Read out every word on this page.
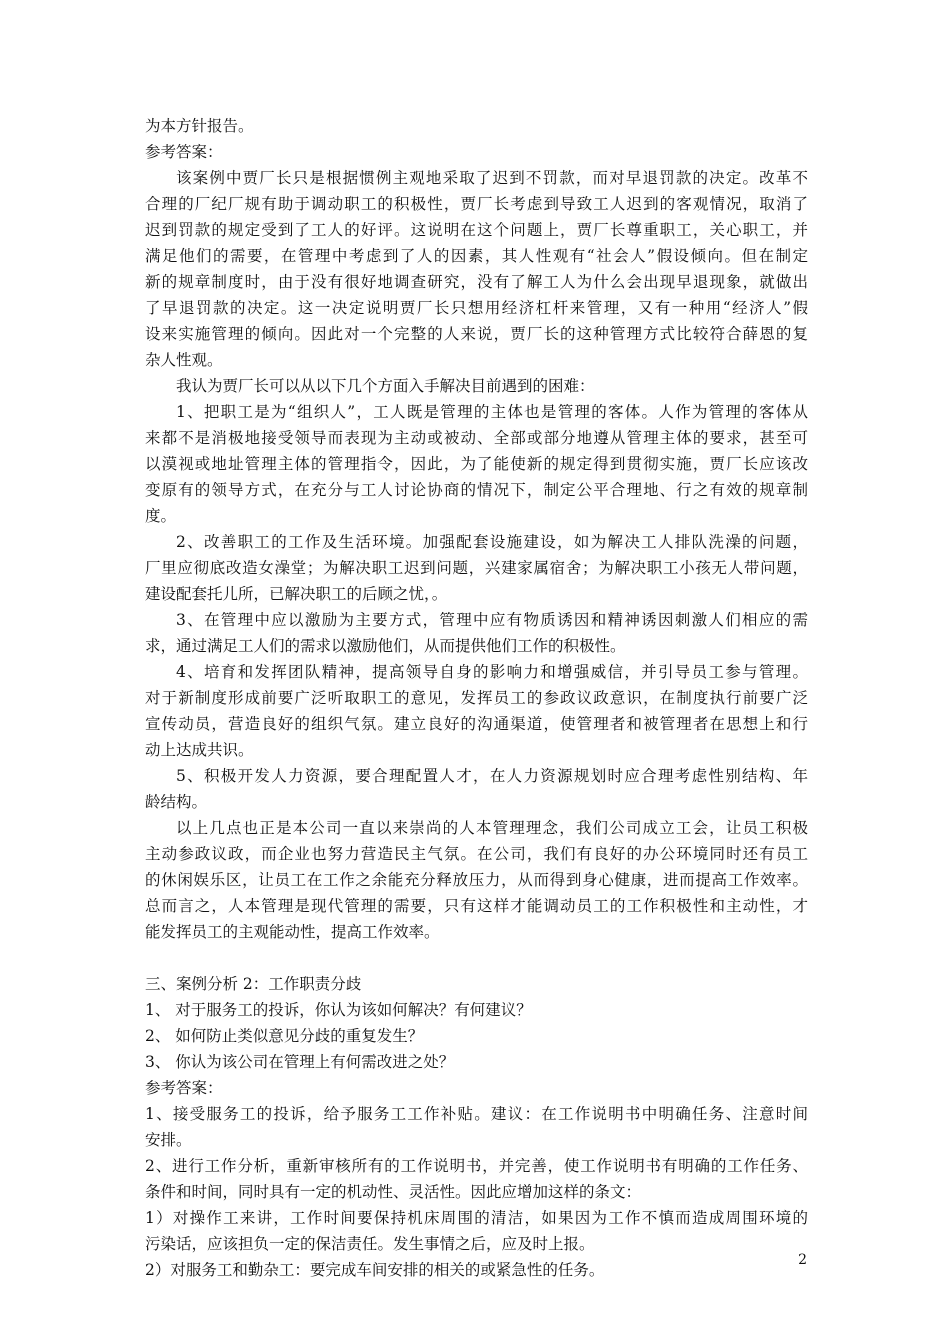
为本方针报告。
参考答案：
该案例中贾厂长只是根据惯例主观地采取了迟到不罚款，而对早退罚款的决定。改革不
合理的厂纪厂规有助于调动职工的积极性，贾厂长考虑到导致工人迟到的客观情况，取消了
迟到罚款的规定受到了工人的好评。这说明在这个问题上，贾厂长尊重职工，关心职工，并
满足他们的需要，在管理中考虑到了人的因素，其人性观有“社会人”假设倾向。但在制定
新的规章制度时，由于没有很好地调查研究，没有了解工人为什么会出现早退现象，就做出
了早退罚款的决定。这一决定说明贾厂长只想用经济杠杆来管理，又有一种用“经济人”假
设来实施管理的倾向。因此对一个完整的人来说，贾厂长的这种管理方式比较符合薛恩的复
杂人性观。
我认为贾厂长可以从以下几个方面入手解决目前遇到的困难：
1、把职工是为“组织人”，工人既是管理的主体也是管理的客体。人作为管理的客体从
来都不是消极地接受领导而表现为主动或被动、全部或部分地遵从管理主体的要求，甚至可
以漠视或地址管理主体的管理指令，因此，为了能使新的规定得到贯彻实施，贾厂长应该改
变原有的领导方式，在充分与工人讨论协商的情况下，制定公平合理地、行之有效的规章制
度。
2、改善职工的工作及生活环境。加强配套设施建设，如为解决工人排队洗澡的问题，
厂里应彻底改造女澡堂；为解决职工迟到问题，兴建家属宿舍；为解决职工小孩无人带问题，
建设配套托儿所，已解决职工的后顾之忧，。
3、在管理中应以激励为主要方式，管理中应有物质诱因和精神诱因刺激人们相应的需
求，通过满足工人们的需求以激励他们，从而提供他们工作的积极性。
4、培育和发挥团队精神，提高领导自身的影响力和增强威信，并引导员工参与管理。
对于新制度形成前要广泛听取职工的意见，发挥员工的参政议政意识，在制度执行前要广泛
宣传动员，营造良好的组织气氛。建立良好的沟通渠道，使管理者和被管理者在思想上和行
动上达成共识。
5、积极开发人力资源，要合理配置人才，在人力资源规划时应合理考虑性别结构、年
龄结构。
以上几点也正是本公司一直以来崇尚的人本管理理念，我们公司成立工会，让员工积极
主动参政议政，而企业也努力营造民主气氛。在公司，我们有良好的办公环境同时还有员工
的休闲娱乐区，让员工在工作之余能充分释放压力，从而得到身心健康，进而提高工作效率。
总而言之，人本管理是现代管理的需要，只有这样才能调动员工的工作积极性和主动性，才
能发挥员工的主观能动性，提高工作效率。
三、案例分析 2：工作职责分歧
1、 对于服务工的投诉，你认为该如何解决？有何建议？
2、 如何防止类似意见分歧的重复发生？
3、 你认为该公司在管理上有何需改进之处？
参考答案：
1、接受服务工的投诉，给予服务工工作补贴。建议：在工作说明书中明确任务、注意时间
安排。
2、进行工作分析，重新审核所有的工作说明书，并完善，使工作说明书有明确的工作任务、
条件和时间，同时具有一定的机动性、灵活性。因此应增加这样的条文：
1）对操作工来讲，工作时间要保持机床周围的清洁，如果因为工作不慎而造成周围环境的
污染话，应该担负一定的保洁责任。发生事情之后，应及时上报。
2）对服务工和勤杂工：要完成车间安排的相关的或紧急性的任务。
2
